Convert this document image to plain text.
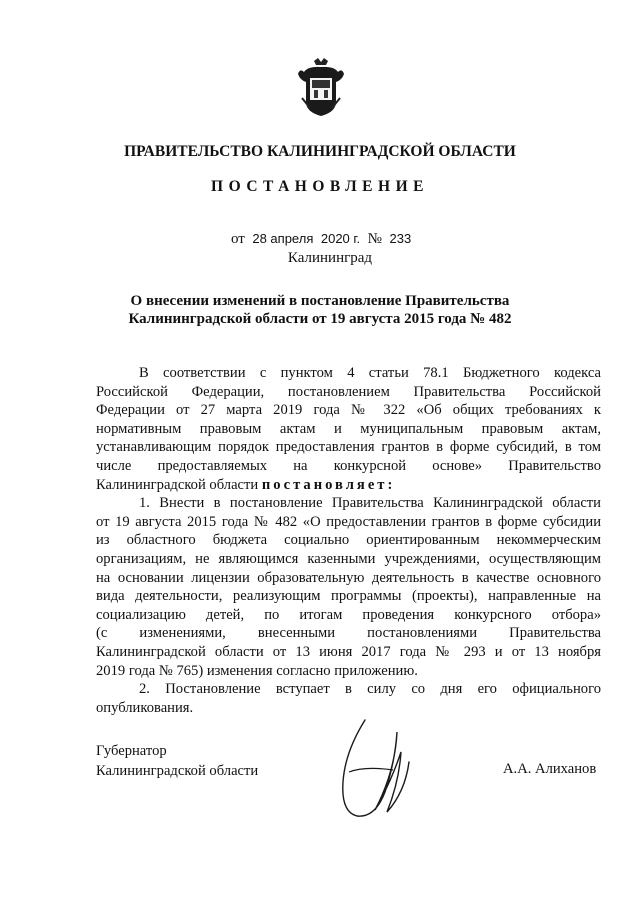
ПРАВИТЕЛЬСТВО КАЛИНИНГРАДСКОЙ ОБЛАСТИ
ПОСТАНОВЛЕНИЕ
от 28 апреля 2020 г. № 233
Калининград
О внесении изменений в постановление Правительства
Калининградской области от 19 августа 2015 года № 482
В соответствии с пунктом 4 статьи 78.1 Бюджетного кодекса
Российской Федерации, постановлением Правительства Российской
Федерации от 27 марта 2019 года № 322 «Об общих требованиях к
нормативным правовым актам и муниципальным правовым актам,
устанавливающим порядок предоставления грантов в форме субсидий, в том
числе предоставляемых на конкурсной основе» Правительство
Калининградской области постановляет:
1. Внести в постановление Правительства Калининградской области
от 19 августа 2015 года № 482 «О предоставлении грантов в форме субсидии
из областного бюджета социально ориентированным некоммерческим
организациям, не являющимся казенными учреждениями, осуществляющим
на основании лицензии образовательную деятельность в качестве основного
вида деятельности, реализующим программы (проекты), направленные на
социализацию детей, по итогам проведения конкурсного отбора»
(с изменениями, внесенными постановлениями Правительства
Калининградской области от 13 июня 2017 года № 293 и от 13 ноября
2019 года № 765) изменения согласно приложению.
2. Постановление вступает в силу со дня его официального
опубликования.
Губернатор
Калининградской области	А.А. Алиханов
